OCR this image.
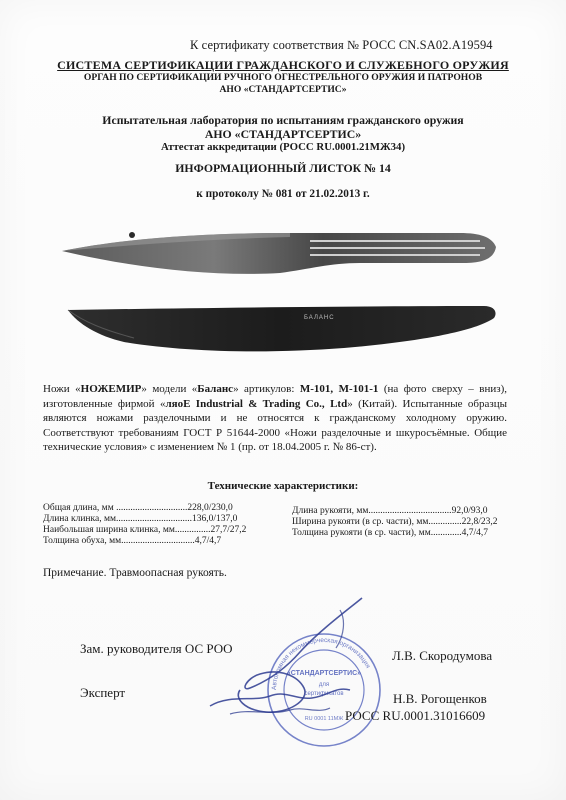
К сертификату соответствия № РОСС CN.SA02.A19594
СИСТЕМА СЕРТИФИКАЦИИ ГРАЖДАНСКОГО И СЛУЖЕБНОГО ОРУЖИЯ
ОРГАН ПО СЕРТИФИКАЦИИ РУЧНОГО ОГНЕСТРЕЛЬНОГО ОРУЖИЯ И ПАТРОНОВ
АНО «СТАНДАРТСЕРТИС»
Испытательная лаборатория по испытаниям гражданского оружия
АНО «СТАНДАРТСЕРТИС»
Аттестат аккредитации (РОСС RU.0001.21МЖ34)
ИНФОРМАЦИОННЫЙ ЛИСТОК № 14
к протоколу № 081 от 21.02.2013 г.
БАЛАНС
Ножи «НОЖЕМИР» модели «Баланс» артикулов: М-101, М-101-1 (на фото сверху – вниз), изготовленные фирмой «ляоЕ Industrial & Trading Co., Ltd» (Китай). Испытанные образцы являются ножами разделочными и не относятся к гражданскому холодному оружию. Соответствуют требованиям ГОСТ Р 51644-2000 «Ножи разделочные и шкуросъёмные. Общие технические условия» с изменением № 1 (пр. от 18.04.2005 г. № 86-ст).
Технические характеристики:
Общая длина, мм ..............................228,0/230,0
Длина клинка, мм................................136,0/137,0
Наибольшая ширина клинка, мм...............27,7/27,2
Толщина обуха, мм...............................4,7/4,7
Длина рукояти, мм...................................92,0/93,0
Ширина рукояти (в ср. части), мм..............22,8/23,2
Толщина рукояти (в ср. части), мм.............4,7/4,7
Примечание. Травмоопасная рукоять.
Автономная некоммерческая организация
«СТАНДАРТСЕРТИС»
для
сертификатов
RU 0001 11МЖ
Зам. руководителя ОС РОО	Л.В. Скородумова
Эксперт	Н.В. Рогощенков
РОСС RU.0001.31016609
